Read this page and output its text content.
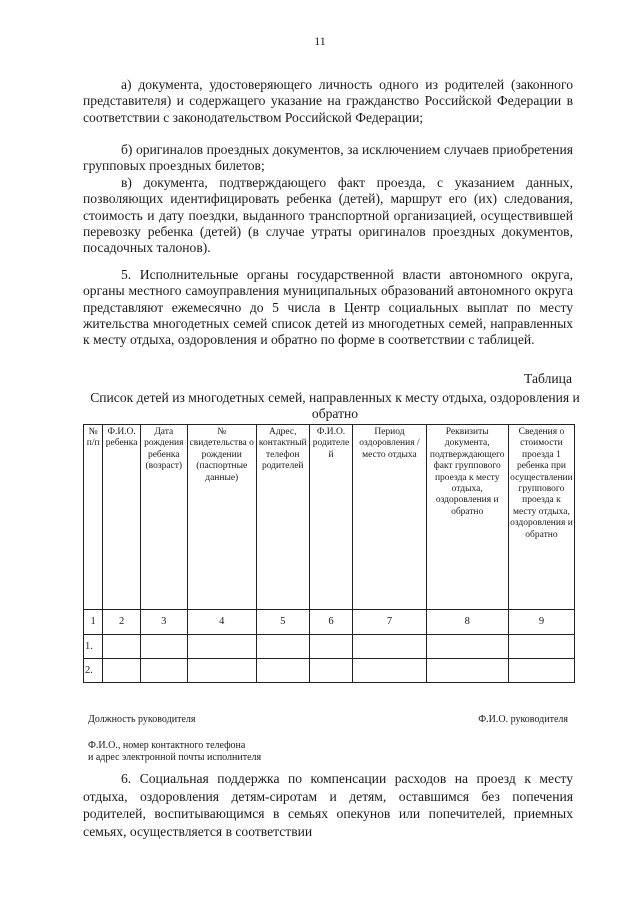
11

а) документа, удостоверяющего личность одного из родителей (законного представителя) и содержащего указание на гражданство Российской Федерации в соответствии с законодательством Российской Федерации;

б) оригиналов проездных документов, за исключением случаев приобретения групповых проездных билетов;

в) документа, подтверждающего факт проезда, с указанием данных, позволяющих идентифицировать ребенка (детей), маршрут его (их) следования, стоимость и дату поездки, выданного транспортной организацией, осуществившей перевозку ребенка (детей) (в случае утраты оригиналов проездных документов, посадочных талонов).

5. Исполнительные органы государственной власти автономного округа, органы местного самоуправления муниципальных образований автономного округа представляют ежемесячно до 5 числа в Центр социальных выплат по месту жительства многодетных семей список детей из многодетных семей, направленных к месту отдыха, оздоровления и обратно по форме в соответствии с таблицей.

Таблица
Список детей из многодетных семей, направленных к месту отдыха, оздоровления и обратно
№ п/п	Ф.И.О. ребенка	Дата рождения ребенка (возраст)	№ свидетельства о рождении (паспортные данные)	Адрес, контактный телефон родителей	Ф.И.О. родителей	Период оздоровления /место отдыха	Реквизиты документа, подтверждающего факт группового проезда к месту отдыха, оздоровления и обратно	Сведения о стоимости проезда 1 ребенка при осуществлении группового проезда к месту отдыха, оздоровления и обратно
1	2	3	4	5	6	7	8	9
1.								
2.								
Должность руководителя	Ф.И.О. руководителя
Ф.И.О., номер контактного телефона
и адрес электронной почты исполнителя

6. Социальная поддержка по компенсации расходов на проезд к месту отдыха, оздоровления детям-сиротам и детям, оставшимся без попечения родителей, воспитывающимся в семьях опекунов или попечителей, приемных семьях, осуществляется в соответствии
